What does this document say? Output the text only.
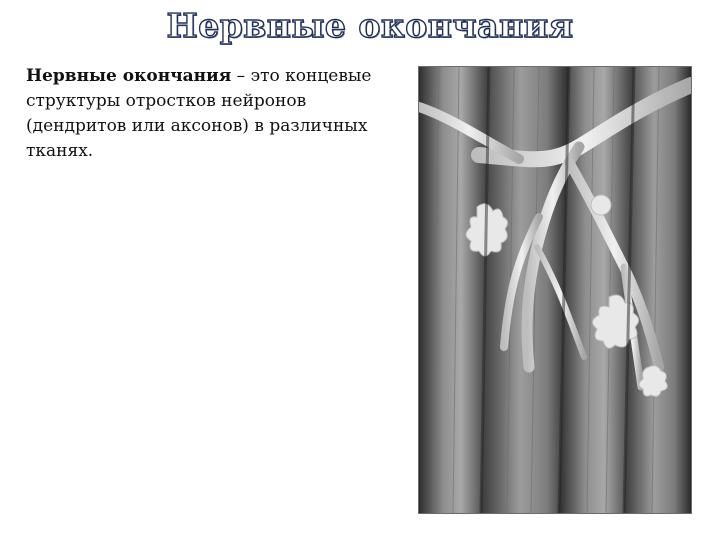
Нервные окончания

Нервные окончания – это концевые структуры отростков нейронов (дендритов или аксонов) в различных тканях.
